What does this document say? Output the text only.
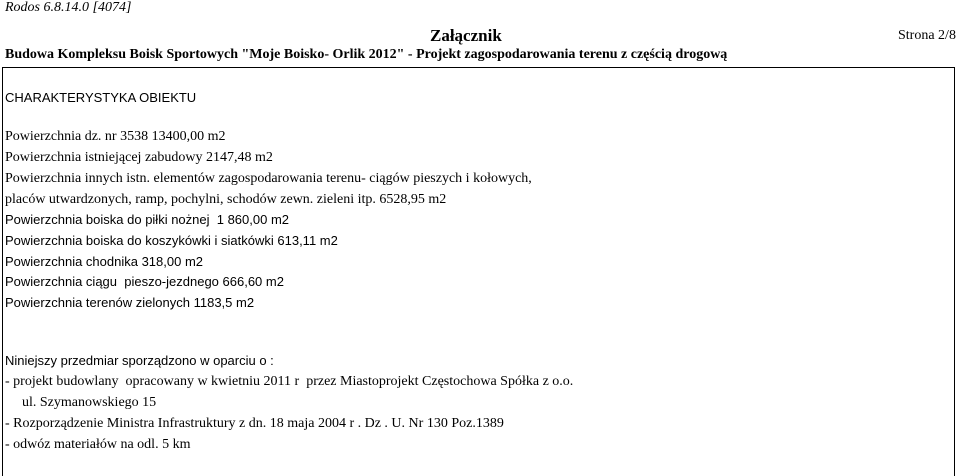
Rodos 6.8.14.0 [4074]
Załącznik	Strona 2/8
Budowa Kompleksu Boisk Sportowych "Moje Boisko- Orlik 2012" - Projekt zagospodarowania terenu z częścią drogową
CHARAKTERYSTYKA OBIEKTU
Powierzchnia dz. nr 3538 13400,00 m2
Powierzchnia istniejącej zabudowy 2147,48 m2
Powierzchnia innych istn. elementów zagospodarowania terenu- ciągów pieszych i kołowych,
placów utwardzonych, ramp, pochylni, schodów zewn. zieleni itp. 6528,95 m2
Powierzchnia boiska do piłki nożnej  1 860,00 m2
Powierzchnia boiska do koszykówki i siatkówki 613,11 m2
Powierzchnia chodnika 318,00 m2
Powierzchnia ciągu  pieszo-jezdnego 666,60 m2
Powierzchnia terenów zielonych 1183,5 m2
Niniejszy przedmiar sporządzono w oparciu o :
- projekt budowlany  opracowany w kwietniu 2011 r  przez Miastoprojekt Częstochowa Spółka z o.o.
ul. Szymanowskiego 15
- Rozporządzenie Ministra Infrastruktury z dn. 18 maja 2004 r . Dz . U. Nr 130 Poz.1389
- odwóz materiałów na odl. 5 km
